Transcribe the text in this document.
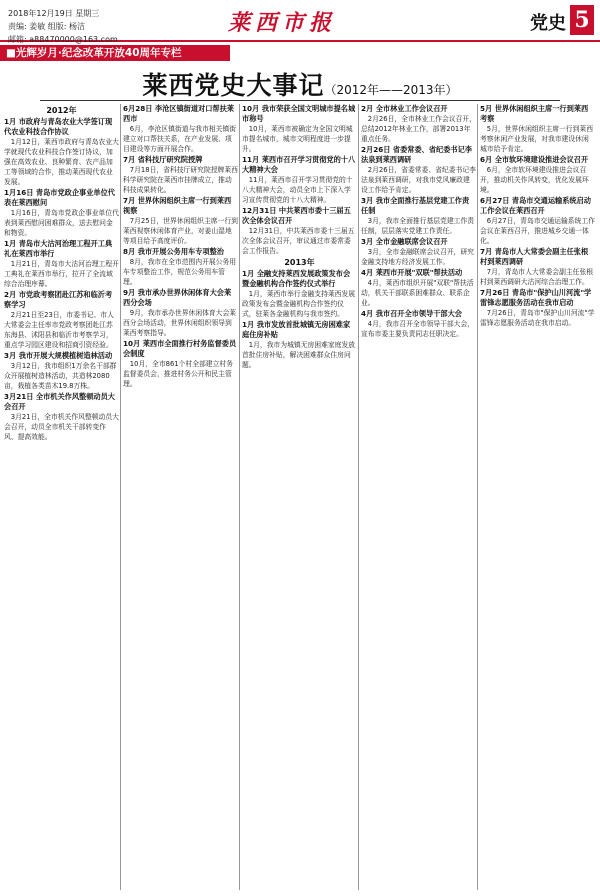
2018年12月19日 星期三
责编: 姜敏 组版: 杨洁
邮箱: a88470000@163.com
莱西市报	党史 5
■光辉岁月·纪念改革开放40周年专栏
莱西党史大事记（2012年——2013年）
2012年
1月 市政府与青岛农业大学签订现代农业科技合作协议
1月12日，莱西市政府与青岛农业大学就现代农业科技合作签订协议，加强在高效农业、良种繁育、农产品加工等领域的合作，推动莱西现代农业发展。
1月16日 青岛市党政企事业单位代表在莱西慰问
1月16日，青岛市党政企事业单位代表到莱西慰问困难群众，送去慰问金和物资。
1月 青岛市大沽河治理工程开工典礼在莱西市举行
1月21日，青岛市大沽河治理工程开工典礼在莱西市举行，拉开了全流域综合治理序幕。
2月 市党政考察团赴江苏和临沂考察学习
2月21日至23日，市委书记、市人大常委会主任率市党政考察团赴江苏东海县、沭阳县和临沂市考察学习，重点学习园区建设和招商引资经验。
3月 我市开展大规模植树造林活动
3月12日，我市组织1万余名干部群众开展植树造林活动，共造林2080亩，栽植各类苗木19.8万株。
3月21日 全市机关作风整顿动员大会召开
3月21日，全市机关作风整顿动员大会召开，动员全市机关干部转变作风、提高效能。
6月28日 李沧区镇街道对口帮扶莱西市
6月，李沧区镇街道与我市相关镇街建立对口帮扶关系，在产业发展、项目建设等方面开展合作。
7月 省科技厅研究院授牌
7月18日，省科技厅研究院授牌莱西科学研究院在莱西市挂牌成立，推动科技成果转化。
7月 世界休闲组织主席一行到莱西视察
7月25日，世界休闲组织主席一行到莱西视察休闲体育产业，对姜山湿地等项目给予高度评价。
8月 我市开展公务用车专项整治
8月，我市在全市范围内开展公务用车专项整治工作，规范公务用车管理。
9月 我市承办世界休闲体育大会莱西分会场
9月，我市承办世界休闲体育大会莱西分会场活动，世界休闲组织领导到莱西考察指导。
10月 莱西市全面推行村务监督委员会制度
10月，全市861个村全部建立村务监督委员会，推进村务公开和民主管理。
10月 我市荣获全国文明城市提名城市称号
10月，莱西市被确定为全国文明城市提名城市，城市文明程度进一步提升。
11月 莱西市召开学习贯彻党的十八大精神大会
11月，莱西市召开学习贯彻党的十八大精神大会，动员全市上下深入学习宣传贯彻党的十八大精神。
12月31日 中共莱西市委十三届五次全体会议召开
12月31日，中共莱西市委十三届五次全体会议召开，审议通过市委常委会工作报告。
2013年
1月 全融支持莱西发展政策发布会暨金融机构合作签约仪式举行
1月，莱西市举行金融支持莱西发展政策发布会暨金融机构合作签约仪式，驻莱各金融机构与我市签约。
1月 我市发放首批城镇无房困难家庭住房补贴
1月，我市为城镇无房困难家庭发放首批住房补贴，解决困难群众住房问题。
2月 全市林业工作会议召开
2月26日，全市林业工作会议召开，总结2012年林业工作，部署2013年重点任务。
2月26日 省委常委、省纪委书记李法泉到莱西调研
2月26日，省委常委、省纪委书记李法泉到莱西调研，对我市党风廉政建设工作给予肯定。
3月 我市全面推行基层党建工作责任制
3月，我市全面推行基层党建工作责任制，层层落实党建工作责任。
3月 全市金融联席会议召开
3月，全市金融联席会议召开，研究金融支持地方经济发展工作。
4月 莱西市开展"双联"帮扶活动
4月，莱西市组织开展"双联"帮扶活动，机关干部联系困难群众、联系企业。
4月 我市召开全市领导干部大会
4月，我市召开全市领导干部大会，宣布市委主要负责同志任职决定。
5月 世界休闲组织主席一行到莱西考察
5月，世界休闲组织主席一行到莱西考察休闲产业发展，对我市建设休闲城市给予肯定。
6月 全市软环境建设推进会议召开
6月，全市软环境建设推进会议召开，推动机关作风转变，优化发展环境。
6月27日 青岛市交通运输系统启动工作会议在莱西召开
6月27日，青岛市交通运输系统工作会议在莱西召开，推进城乡交通一体化。
7月 青岛市人大常委会副主任张根村到莱西调研
7月，青岛市人大常委会副主任张根村到莱西调研大沽河综合治理工作。
7月26日 青岛市"保护山川河流"学雷锋志愿服务活动在我市启动
7月26日，青岛市"保护山川河流"学雷锋志愿服务活动在我市启动。
